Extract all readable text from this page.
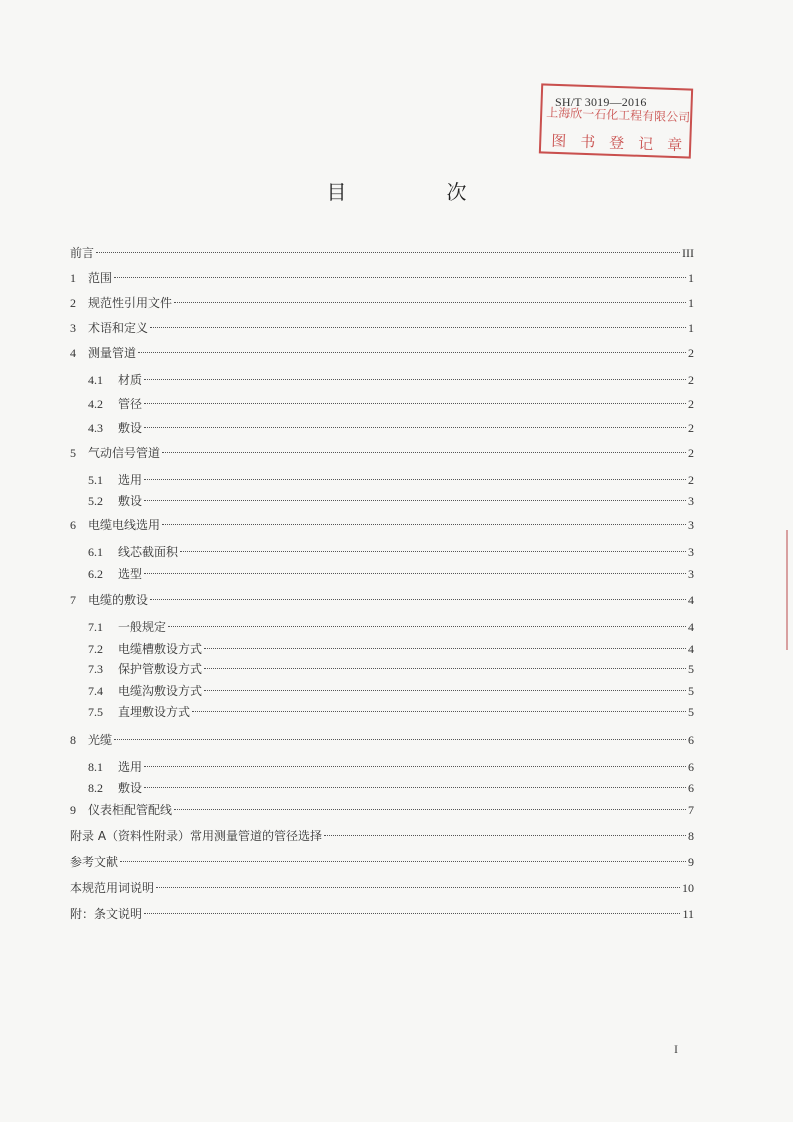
SH/T 3019—2016
上海欣一石化工程有限公司
图书登记章
目　次
前言	III
1	范围	1
2	规范性引用文件	1
3	术语和定义	1
4	测量管道	2
4.1	材质	2
4.2	管径	2
4.3	敷设	2
5	气动信号管道	2
5.1	选用	2
5.2	敷设	3
6	电缆电线选用	3
6.1	线芯截面积	3
6.2	选型	3
7	电缆的敷设	4
7.1	一般规定	4
7.2	电缆槽敷设方式	4
7.3	保护管敷设方式	5
7.4	电缆沟敷设方式	5
7.5	直埋敷设方式	5
8	光缆	6
8.1	选用	6
8.2	敷设	6
9	仪表柜配管配线	7
附录 A（资料性附录）常用测量管道的管径选择	8
参考文献	9
本规范用词说明	10
附：条文说明	11
I
